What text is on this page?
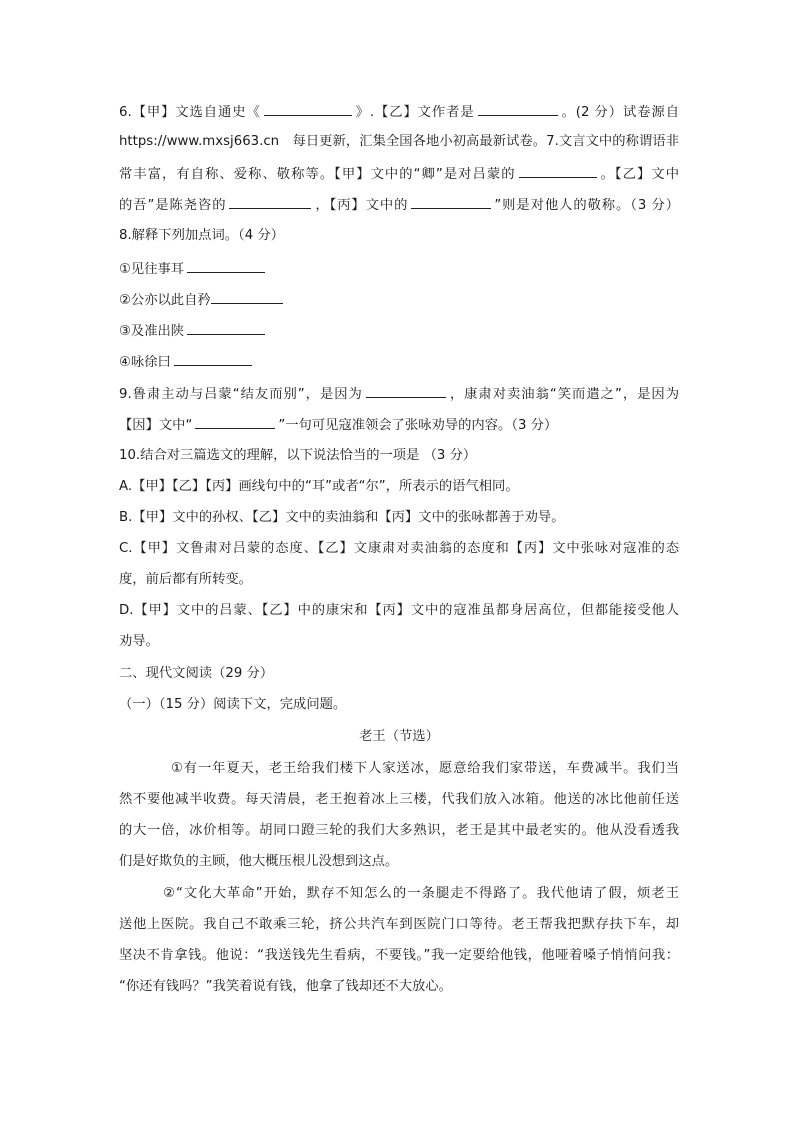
6.【甲】文选自通史《	》.【乙】文作者是	。(2 分）试卷源自
https://www.mxsj663.cn　每日更新，汇集全国各地小初高最新试卷。7.文言文中的称谓语非
常丰富，有自称、爱称、敬称等。【甲】文中的“卿”是对吕蒙的	。【乙】文中
的吾”是陈尧咨的	，【丙】文中的	”则是对他人的敬称。（3 分）
8.解释下列加点词。（4 分）
①见往事耳
②公亦以此自矜
③及准出陕
④咏徐曰
9.鲁肃主动与吕蒙“结友而别”，是因为	，康肃对卖油翁“笑而遣之”，是因为
【因】文中“	”一句可见寇准领会了张咏劝导的内容。（3 分）
10.结合对三篇选文的理解，以下说法恰当的一项是 （3 分）
A.【甲】【乙】【丙】画线句中的“耳”或者“尔”，所表示的语气相同。
B.【甲】文中的孙权、【乙】文中的卖油翁和【丙】文中的张咏都善于劝导。
C.【甲】文鲁肃对吕蒙的态度、【乙】文康肃对卖油翁的态度和【丙】文中张咏对寇准的态
度，前后都有所转变。
D.【甲】文中的吕蒙、【乙】中的康宋和【丙】文中的寇准虽都身居高位，但都能接受他人
劝导。
二、现代文阅读（29 分）
（一）（15 分）阅读下文，完成问题。
老王（节选）
①有一年夏天，老王给我们楼下人家送冰，愿意给我们家带送，车费减半。我们当
然不要他减半收费。每天清晨，老王抱着冰上三楼，代我们放入冰箱。他送的冰比他前任送
的大一倍，冰价相等。胡同口蹬三轮的我们大多熟识，老王是其中最老实的。他从没看透我
们是好欺负的主顾，他大概压根儿没想到这点。
②“文化大革命”开始，默存不知怎么的一条腿走不得路了。我代他请了假，烦老王
送他上医院。我自己不敢乘三轮，挤公共汽车到医院门口等待。老王帮我把默存扶下车，却
坚决不肯拿钱。他说：“我送钱先生看病，不要钱。”我一定要给他钱，他哑着嗓子悄悄问我：
“你还有钱吗？”我笑着说有钱，他拿了钱却还不大放心。
